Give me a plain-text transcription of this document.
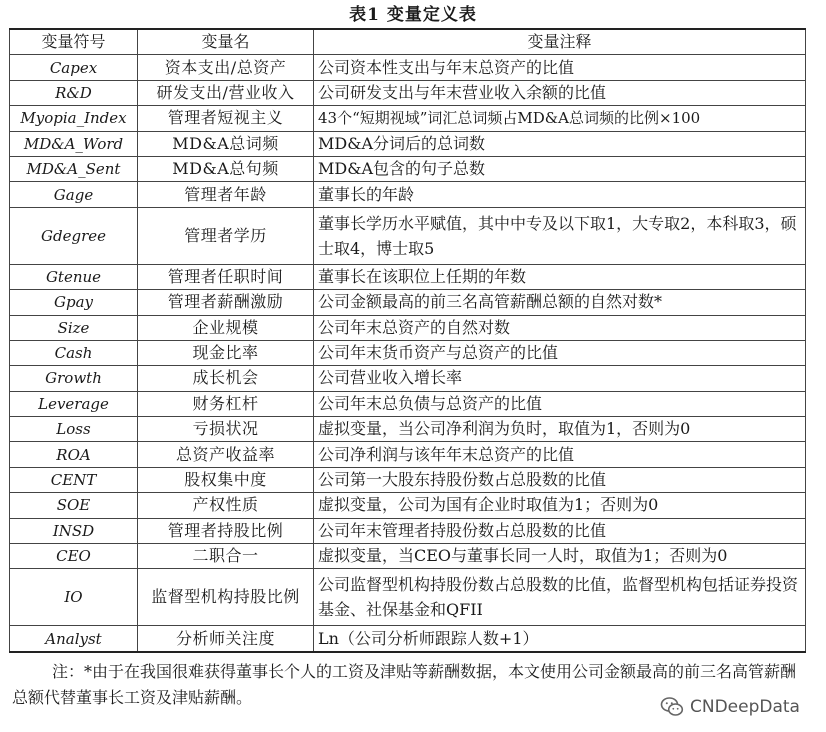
表1 变量定义表
变量符号	变量名	变量注释
Capex	资本支出/总资产	公司资本性支出与年末总资产的比值
R&D	研发支出/营业收入	公司研发支出与年末营业收入余额的比值
Myopia_Index	管理者短视主义	43个“短期视域”词汇总词频占MD&A总词频的比例×100
MD&A_Word	MD&A总词频	MD&A分词后的总词数
MD&A_Sent	MD&A总句频	MD&A包含的句子总数
Gage	管理者年龄	董事长的年龄
Gdegree	管理者学历	董事长学历水平赋值，其中中专及以下取1，大专取2，本科取3，硕士取4，博士取5
Gtenue	管理者任职时间	董事长在该职位上任期的年数
Gpay	管理者薪酬激励	公司金额最高的前三名高管薪酬总额的自然对数*
Size	企业规模	公司年末总资产的自然对数
Cash	现金比率	公司年末货币资产与总资产的比值
Growth	成长机会	公司营业收入增长率
Leverage	财务杠杆	公司年末总负债与总资产的比值
Loss	亏损状况	虚拟变量，当公司净利润为负时，取值为1，否则为0
ROA	总资产收益率	公司净利润与该年年末总资产的比值
CENT	股权集中度	公司第一大股东持股份数占总股数的比值
SOE	产权性质	虚拟变量，公司为国有企业时取值为1；否则为0
INSD	管理者持股比例	公司年末管理者持股份数占总股数的比值
CEO	二职合一	虚拟变量，当CEO与董事长同一人时，取值为1；否则为0
IO	监督型机构持股比例	公司监督型机构持股份数占总股数的比值，监督型机构包括证券投资基金、社保基金和QFII
Analyst	分析师关注度	Ln（公司分析师跟踪人数+1）
注：*由于在我国很难获得董事长个人的工资及津贴等薪酬数据，本文使用公司金额最高的前三名高管薪酬总额代替董事长工资及津贴薪酬。	CNDeepData
